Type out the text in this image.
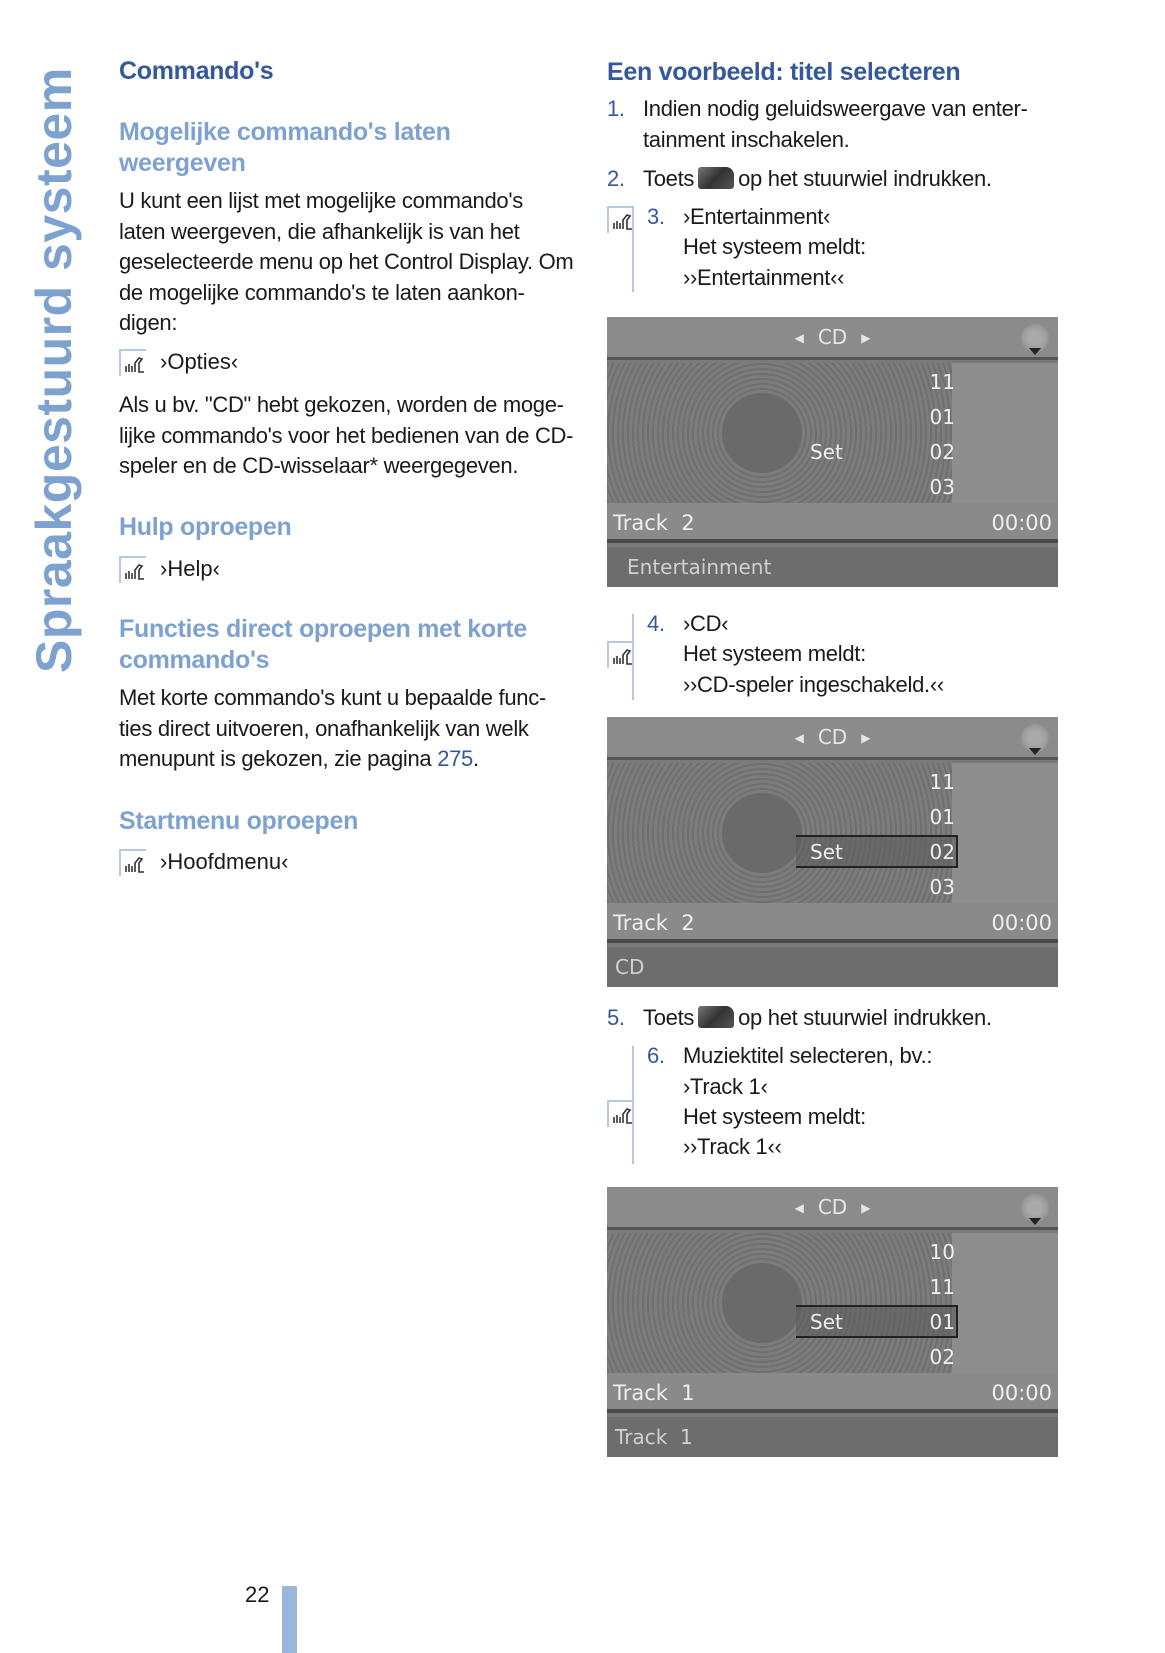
Spraakgestuurd systeem Commando's
Mogelijke commando's laten weergeven
U kunt een lijst met mogelijke commando's laten weergeven, die afhankelijk is van het geselecteerde menu op het Control Display. Om de mogelijke commando's te laten aankon-digen:
›Opties‹
Als u bv. "CD" hebt gekozen, worden de moge-lijke commando's voor het bedienen van de CD-speler en de CD-wisselaar* weergegeven.
Hulp oproepen
›Help‹
Functies direct oproepen met korte commando's
Met korte commando's kunt u bepaalde func-ties direct uitvoeren, onafhankelijk van welk menupunt is gekozen, zie pagina 275.
Startmenu oproepen
›Hoofdmenu‹
Een voorbeeld: titel selecteren
1. Indien nodig geluidsweergave van enter-
tainment inschakelen.
2. Toets op het stuurwiel indrukken.
3. ›Entertainment‹
Het systeem meldt:
››Entertainment‹‹
4. ›CD‹
Het systeem meldt:
››CD-speler ingeschakeld.‹‹
5. Toets op het stuurwiel indrukken.
6. Muziektitel selecteren, bv.:
›Track 1‹
Het systeem meldt:
››Track 1‹‹
◀ CD ▶
Set
11
01
02
03
Track  2	00:00
Entertainment
◀ CD ▶
Set
11
01
02
03
Track  2	00:00
CD
◀ CD ▶
Set
10
11
01
02
Track  1	00:00
Track  1
22
